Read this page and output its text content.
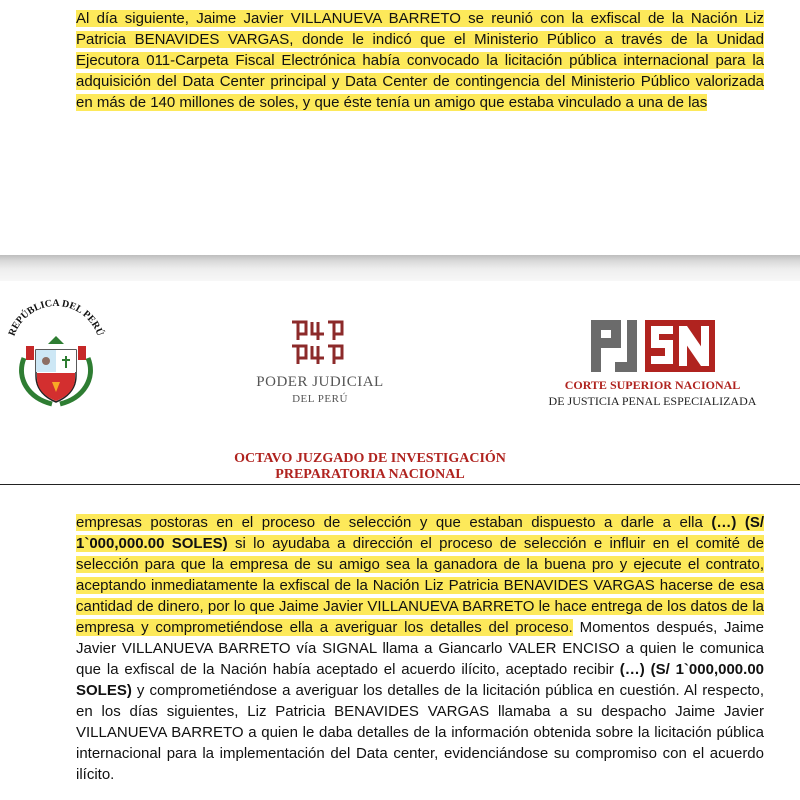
Al día siguiente, Jaime Javier VILLANUEVA BARRETO se reunió con la exfiscal de la Nación Liz Patricia BENAVIDES VARGAS, donde le indicó que el Ministerio Público a través de la Unidad Ejecutora 011-Carpeta Fiscal Electrónica había convocado la licitación pública internacional para la adquisición del Data Center principal y Data Center de contingencia del Ministerio Público valorizada en más de 140 millones de soles, y que éste tenía un amigo que estaba vinculado a una de las

REPÚBLICA DEL PERÚ
PODER JUDICIAL
DEL PERÚ
CORTE SUPERIOR NACIONAL
DE JUSTICIA PENAL ESPECIALIZADA
OCTAVO JUZGADO DE INVESTIGACIÓN
PREPARATORIA NACIONAL

empresas postoras en el proceso de selección y que estaban dispuesto a darle a ella (…) (S/ 1`000,000.00 SOLES) si lo ayudaba a dirección el proceso de selección e influir en el comité de selección para que la empresa de su amigo sea la ganadora de la buena pro y ejecute el contrato, aceptando inmediatamente la exfiscal de la Nación Liz Patricia BENAVIDES VARGAS hacerse de esa cantidad de dinero, por lo que Jaime Javier VILLANUEVA BARRETO le hace entrega de los datos de la empresa y comprometiéndose ella a averiguar los detalles del proceso. Momentos después, Jaime Javier VILLANUEVA BARRETO vía SIGNAL llama a Giancarlo VALER ENCISO a quien le comunica que la exfiscal de la Nación había aceptado el acuerdo ilícito, aceptado recibir (…) (S/ 1`000,000.00 SOLES) y comprometiéndose a averiguar los detalles de la licitación pública en cuestión. Al respecto, en los días siguientes, Liz Patricia BENAVIDES VARGAS llamaba a su despacho Jaime Javier VILLANUEVA BARRETO a quien le daba detalles de la información obtenida sobre la licitación pública internacional para la implementación del Data center, evidenciándose su compromiso con el acuerdo ilícito.
